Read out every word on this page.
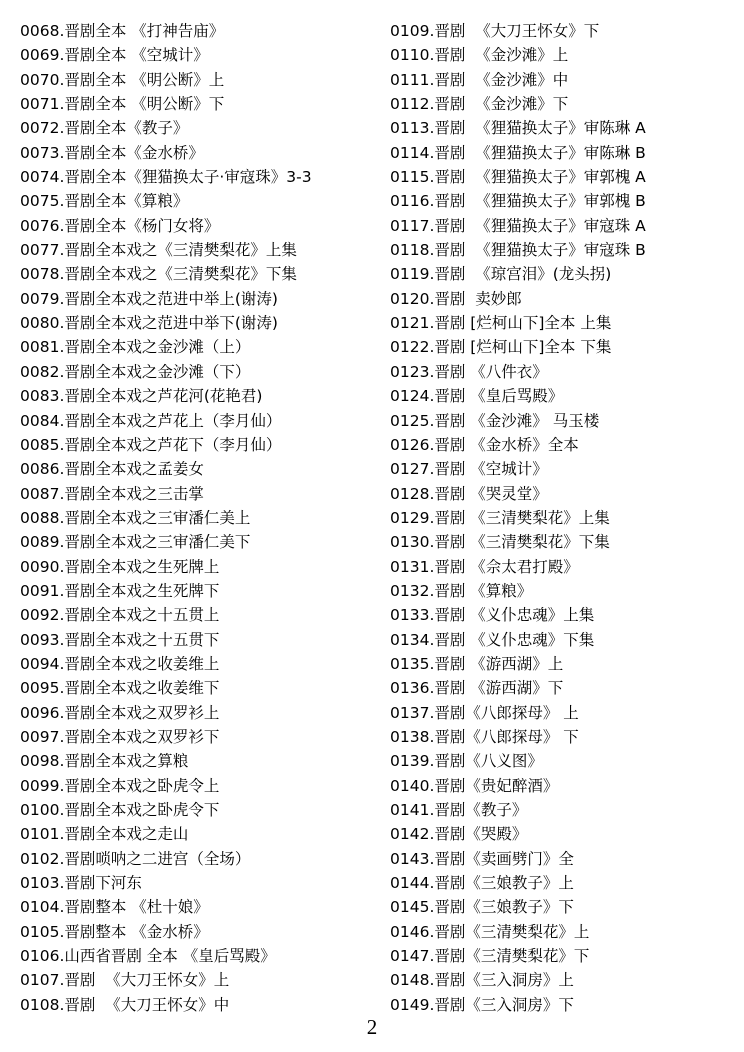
0068.晋剧全本 《打神告庙》
0069.晋剧全本 《空城计》
0070.晋剧全本 《明公断》上
0071.晋剧全本 《明公断》下
0072.晋剧全本《教子》
0073.晋剧全本《金水桥》
0074.晋剧全本《狸猫换太子·审寇珠》3-3
0075.晋剧全本《算粮》
0076.晋剧全本《杨门女将》
0077.晋剧全本戏之《三清樊梨花》上集
0078.晋剧全本戏之《三清樊梨花》下集
0079.晋剧全本戏之范进中举上(谢涛)
0080.晋剧全本戏之范进中举下(谢涛)
0081.晋剧全本戏之金沙滩（上）
0082.晋剧全本戏之金沙滩（下）
0083.晋剧全本戏之芦花河(花艳君)
0084.晋剧全本戏之芦花上（李月仙）
0085.晋剧全本戏之芦花下（李月仙）
0086.晋剧全本戏之孟姜女
0087.晋剧全本戏之三击掌
0088.晋剧全本戏之三审潘仁美上
0089.晋剧全本戏之三审潘仁美下
0090.晋剧全本戏之生死牌上
0091.晋剧全本戏之生死牌下
0092.晋剧全本戏之十五贯上
0093.晋剧全本戏之十五贯下
0094.晋剧全本戏之收姜维上
0095.晋剧全本戏之收姜维下
0096.晋剧全本戏之双罗衫上
0097.晋剧全本戏之双罗衫下
0098.晋剧全本戏之算粮
0099.晋剧全本戏之卧虎令上
0100.晋剧全本戏之卧虎令下
0101.晋剧全本戏之走山
0102.晋剧唢呐之二进宫（全场）
0103.晋剧下河东
0104.晋剧整本 《杜十娘》
0105.晋剧整本 《金水桥》
0106.山西省晋剧 全本 《皇后骂殿》
0107.晋剧  《大刀王怀女》上
0108.晋剧  《大刀王怀女》中
0109.晋剧  《大刀王怀女》下
0110.晋剧  《金沙滩》上
0111.晋剧  《金沙滩》中
0112.晋剧  《金沙滩》下
0113.晋剧  《狸猫换太子》审陈琳 A
0114.晋剧  《狸猫换太子》审陈琳 B
0115.晋剧  《狸猫换太子》审郭槐 A
0116.晋剧  《狸猫换太子》审郭槐 B
0117.晋剧  《狸猫换太子》审寇珠 A
0118.晋剧  《狸猫换太子》审寇珠 B
0119.晋剧  《琼宫泪》(龙头拐)
0120.晋剧  卖妙郎
0121.晋剧 [烂柯山下]全本 上集
0122.晋剧 [烂柯山下]全本 下集
0123.晋剧 《八件衣》
0124.晋剧 《皇后骂殿》
0125.晋剧 《金沙滩》 马玉楼
0126.晋剧 《金水桥》全本
0127.晋剧 《空城计》
0128.晋剧 《哭灵堂》
0129.晋剧 《三清樊梨花》上集
0130.晋剧 《三清樊梨花》下集
0131.晋剧 《佘太君打殿》
0132.晋剧 《算粮》
0133.晋剧 《义仆忠魂》上集
0134.晋剧 《义仆忠魂》下集
0135.晋剧 《游西湖》上
0136.晋剧 《游西湖》下
0137.晋剧《八郎探母》 上
0138.晋剧《八郎探母》 下
0139.晋剧《八义图》
0140.晋剧《贵妃醉酒》
0141.晋剧《教子》
0142.晋剧《哭殿》
0143.晋剧《卖画劈门》全
0144.晋剧《三娘教子》上
0145.晋剧《三娘教子》下
0146.晋剧《三清樊梨花》上
0147.晋剧《三清樊梨花》下
0148.晋剧《三入洞房》上
0149.晋剧《三入洞房》下
2
